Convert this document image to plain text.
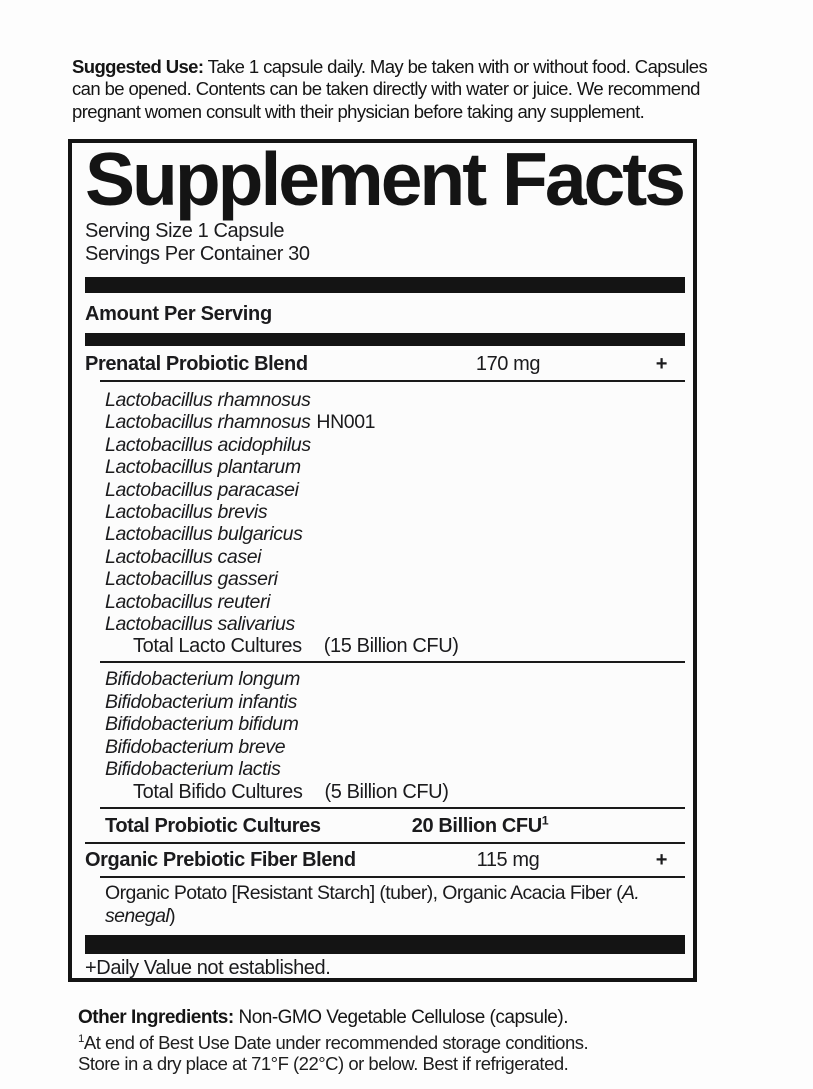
Suggested Use: Take 1 capsule daily. May be taken with or without food. Capsules can be opened. Contents can be taken directly with water or juice. We recommend pregnant women consult with their physician before taking any supplement.

Supplement Facts
Serving Size 1 Capsule
Servings Per Container 30
Amount Per Serving
Prenatal Probiotic Blend	170 mg	+
Lactobacillus rhamnosus
Lactobacillus rhamnosus HN001
Lactobacillus acidophilus
Lactobacillus plantarum
Lactobacillus paracasei
Lactobacillus brevis
Lactobacillus bulgaricus
Lactobacillus casei
Lactobacillus gasseri
Lactobacillus reuteri
Lactobacillus salivarius
Total Lacto Cultures (15 Billion CFU)
Bifidobacterium longum
Bifidobacterium infantis
Bifidobacterium bifidum
Bifidobacterium breve
Bifidobacterium lactis
Total Bifido Cultures (5 Billion CFU)
Total Probiotic Cultures	20 Billion CFU$^1$
Organic Prebiotic Fiber Blend	115 mg	+
Organic Potato [Resistant Starch] (tuber), Organic Acacia Fiber (A. senegal)
+Daily Value not established.

Other Ingredients: Non-GMO Vegetable Cellulose (capsule).

$^1$At end of Best Use Date under recommended storage conditions.
Store in a dry place at 71°F (22°C) or below. Best if refrigerated.
